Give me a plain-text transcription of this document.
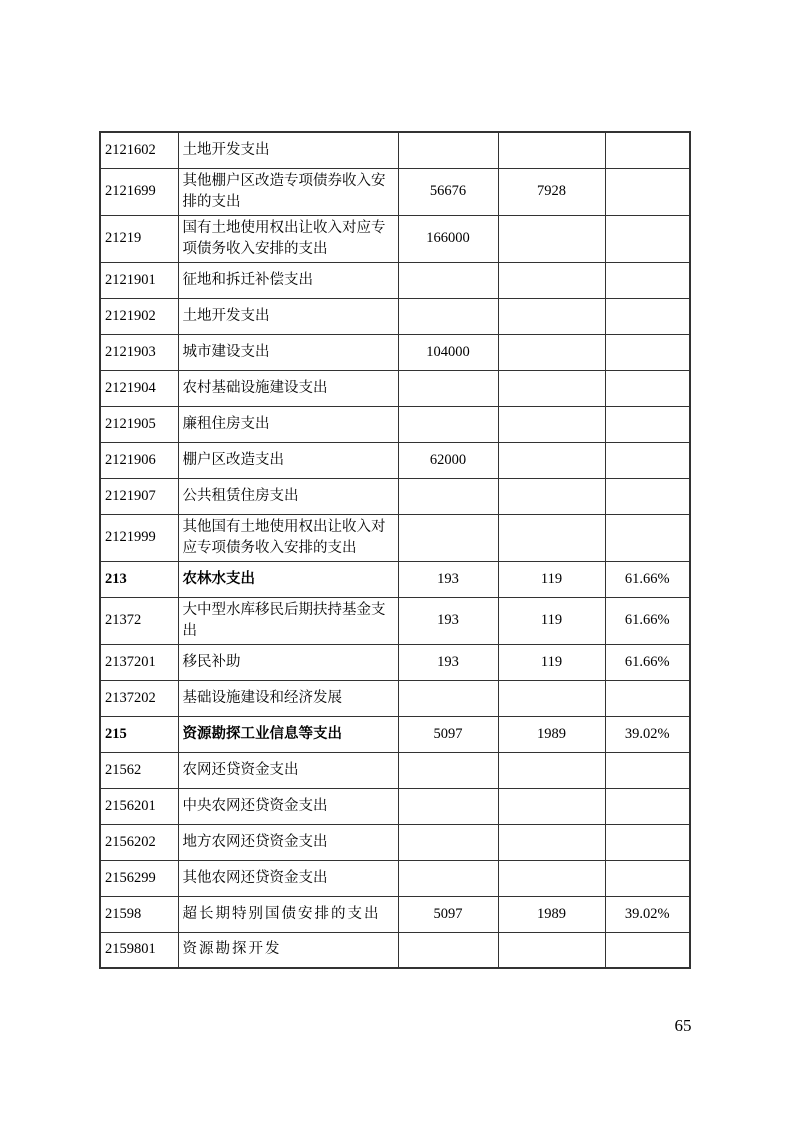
2121602	土地开发支出			
2121699	其他棚户区改造专项债券收入安排的支出	56676	7928	
21219	国有土地使用权出让收入对应专项债务收入安排的支出	166000		
2121901	征地和拆迁补偿支出			
2121902	土地开发支出			
2121903	城市建设支出	104000		
2121904	农村基础设施建设支出			
2121905	廉租住房支出			
2121906	棚户区改造支出	62000		
2121907	公共租赁住房支出			
2121999	其他国有土地使用权出让收入对应专项债务收入安排的支出			
213	农林水支出	193	119	61.66%
21372	大中型水库移民后期扶持基金支出	193	119	61.66%
2137201	移民补助	193	119	61.66%
2137202	基础设施建设和经济发展			
215	资源勘探工业信息等支出	5097	1989	39.02%
21562	农网还贷资金支出			
2156201	中央农网还贷资金支出			
2156202	地方农网还贷资金支出			
2156299	其他农网还贷资金支出			
21598	超长期特别国债安排的支出	5097	1989	39.02%
2159801	资源勘探开发			
65
